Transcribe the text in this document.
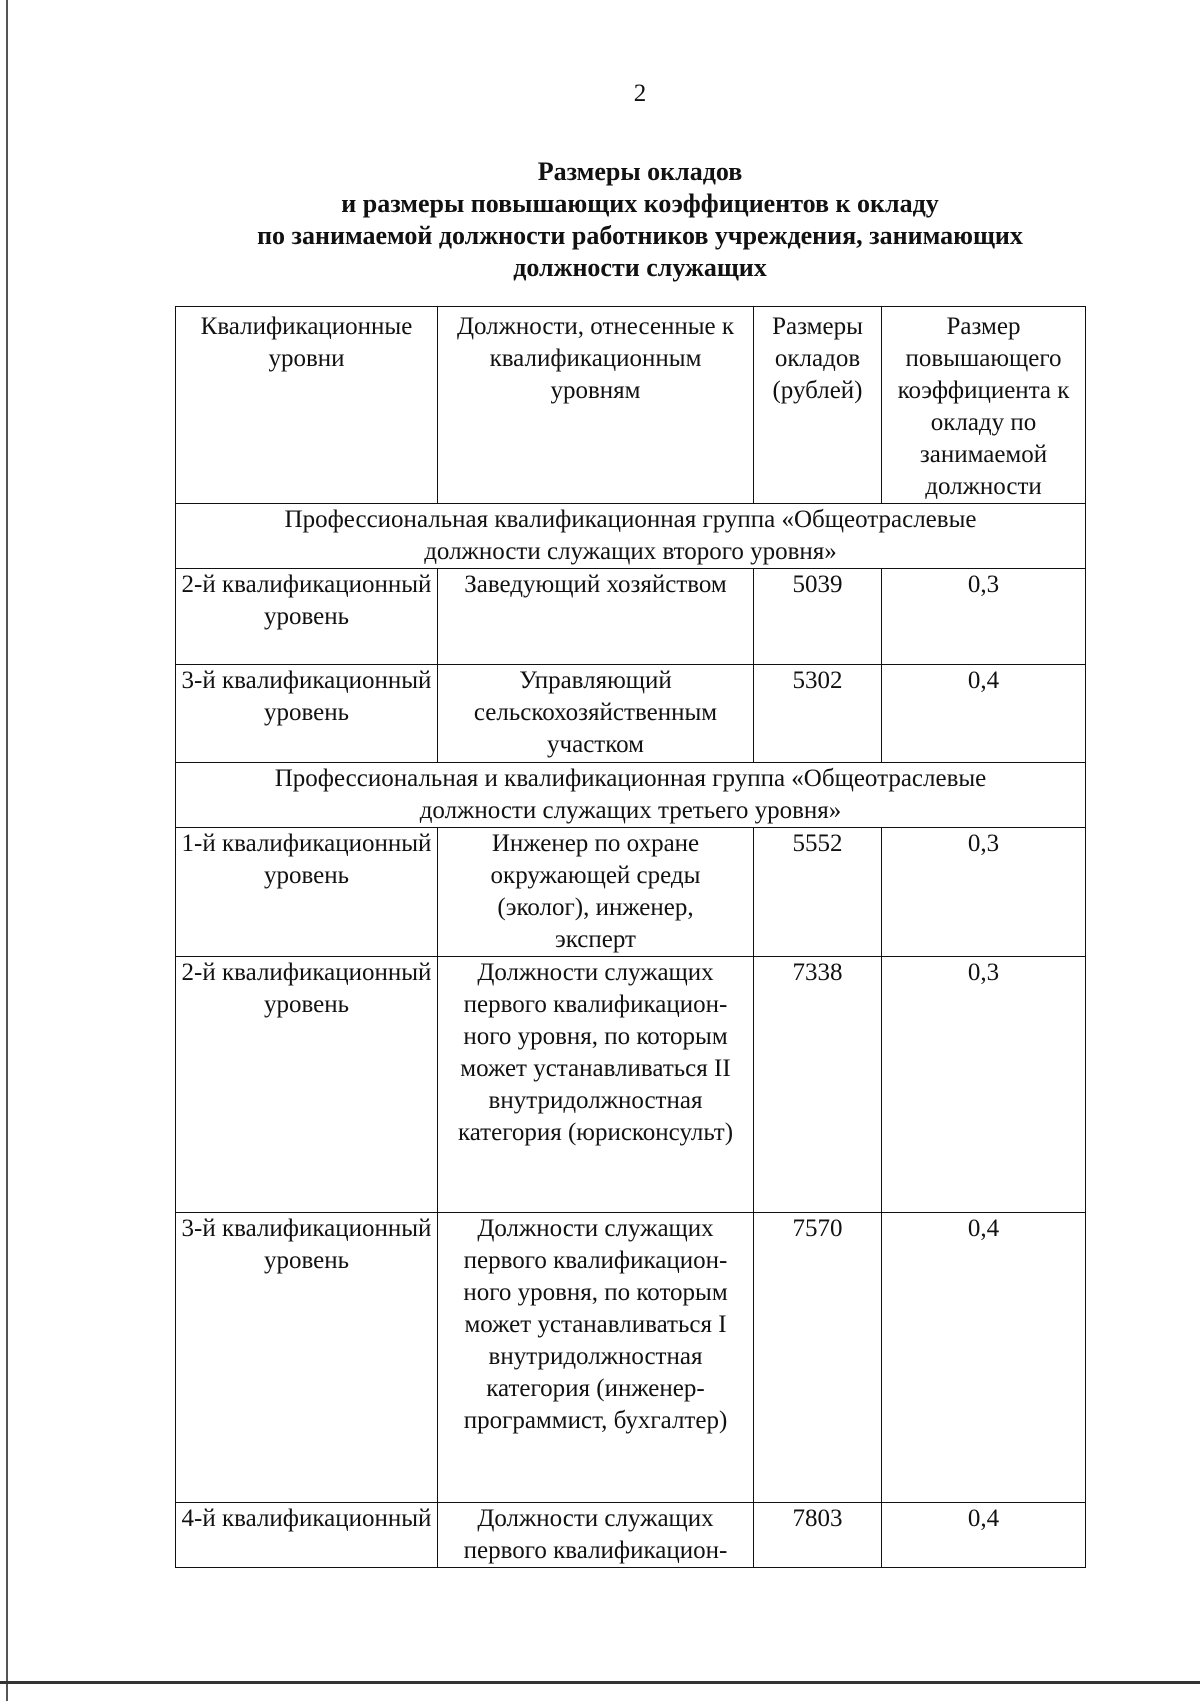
2
Размеры окладов
и размеры повышающих коэффициентов к окладу
по занимаемой должности работников учреждения, занимающих
должности служащих
Квалификационные уровни	Должности, отнесенные к квалификационным уровням	Размеры окладов (рублей)	Размер повышающего коэффициента к окладу по занимаемой должности
Профессиональная квалификационная группа «Общеотраслевые должности служащих второго уровня»			
2-й квалификационный уровень	Заведующий хозяйством	5039	0,3
3-й квалификационный уровень	Управляющий сельскохозяйственным участком	5302	0,4
Профессиональная и квалификационная группа «Общеотраслевые должности служащих третьего уровня»			
1-й квалификационный уровень	Инженер по охране окружающей среды (эколог), инженер, эксперт	5552	0,3
2-й квалификационный уровень	Должности служащих первого квалификацион-ного уровня, по которым может устанавливаться II внутридолжностная категория (юрисконсульт)	7338	0,3
3-й квалификационный уровень	Должности служащих первого квалификацион-ного уровня, по которым может устанавливаться I внутридолжностная категория (инженер-программист, бухгалтер)	7570	0,4
4-й квалификационный	Должности служащих первого квалификацион-	7803	0,4
